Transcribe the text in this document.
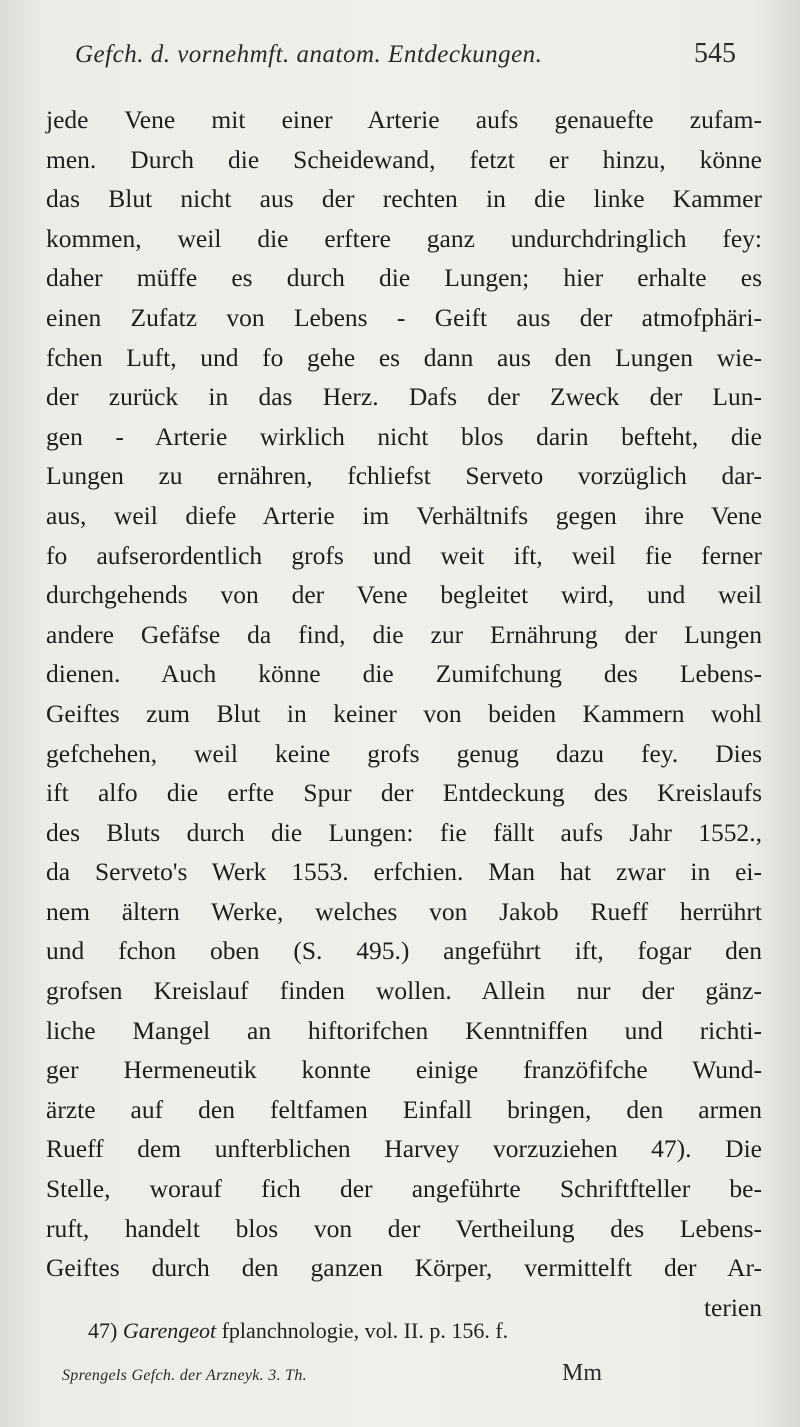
Gefch. d. vornehmft. anatom. Entdeckungen.	545
jede Vene mit einer Arterie aufs genauefte zufam-
men. Durch die Scheidewand, fetzt er hinzu, könne
das Blut nicht aus der rechten in die linke Kammer
kommen, weil die erftere ganz undurchdringlich fey:
daher müffe es durch die Lungen; hier erhalte es
einen Zufatz von Lebens - Geift aus der atmofphäri-
fchen Luft, und fo gehe es dann aus den Lungen wie-
der zurück in das Herz. Dafs der Zweck der Lun-
gen - Arterie wirklich nicht blos darin befteht, die
Lungen zu ernähren, fchliefst Serveto vorzüglich dar-
aus, weil diefe Arterie im Verhältnifs gegen ihre Vene
fo aufserordentlich grofs und weit ift, weil fie ferner
durchgehends von der Vene begleitet wird, und weil
andere Gefäfse da find, die zur Ernährung der Lungen
dienen. Auch könne die Zumifchung des Lebens-
Geiftes zum Blut in keiner von beiden Kammern wohl
gefchehen, weil keine grofs genug dazu fey. Dies
ift alfo die erfte Spur der Entdeckung des Kreislaufs
des Bluts durch die Lungen: fie fällt aufs Jahr 1552.,
da Serveto's Werk 1553. erfchien. Man hat zwar in ei-
nem ältern Werke, welches von Jakob Rueff herrührt
und fchon oben (S. 495.) angeführt ift, fogar den
grofsen Kreislauf finden wollen. Allein nur der gänz-
liche Mangel an hiftorifchen Kenntniffen und richti-
ger Hermeneutik konnte einige franzöfifche Wund-
ärzte auf den feltfamen Einfall bringen, den armen
Rueff dem unfterblichen Harvey vorzuziehen 47). Die
Stelle, worauf fich der angeführte Schriftfteller be-
ruft, handelt blos von der Vertheilung des Lebens-
Geiftes durch den ganzen Körper, vermittelft der Ar-
terien
47) Garengeot fplanchnologie, vol. II. p. 156. f.
Sprengels Gefch. der Arzneyk. 3. Th.	Mm
